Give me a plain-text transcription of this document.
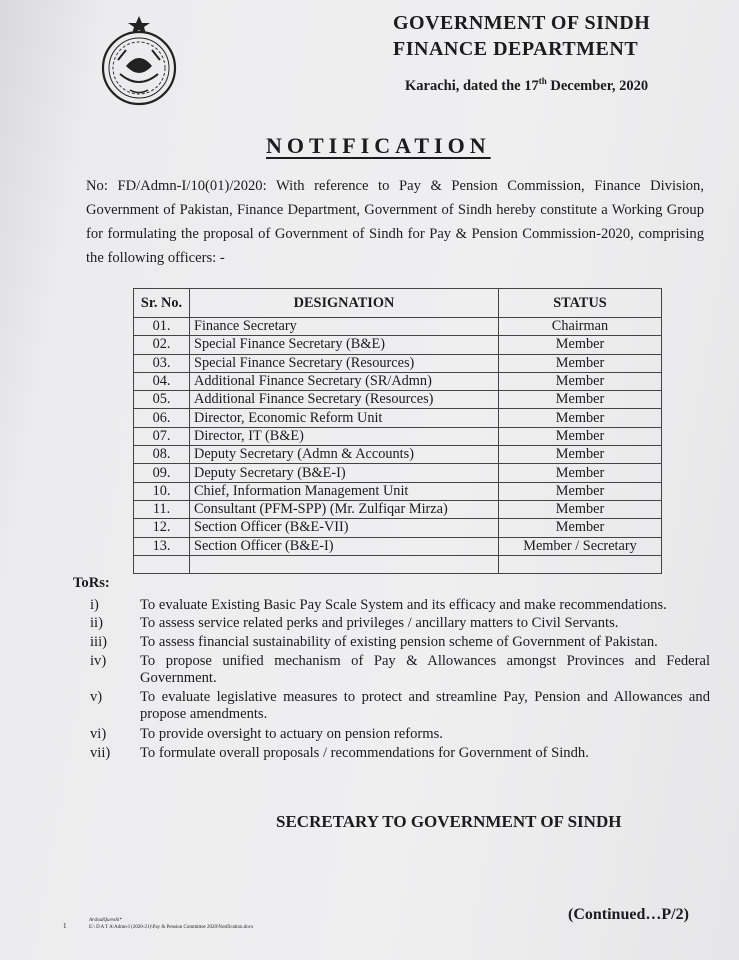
GOVERNMENT OF SINDH
FINANCE DEPARTMENT
Karachi, dated the 17th December, 2020
NOTIFICATION
No: FD/Admn-I/10(01)/2020: With reference to Pay & Pension Commission, Finance Division, Government of Pakistan, Finance Department, Government of Sindh hereby constitute a Working Group for formulating the proposal of Government of Sindh for Pay & Pension Commission-2020, comprising the following officers: -
Sr. No.	DESIGNATION	STATUS
01.	Finance Secretary	Chairman
02.	Special Finance Secretary (B&E)	Member
03.	Special Finance Secretary (Resources)	Member
04.	Additional Finance Secretary (SR/Admn)	Member
05.	Additional Finance Secretary (Resources)	Member
06.	Director, Economic Reform Unit	Member
07.	Director, IT (B&E)	Member
08.	Deputy Secretary (Admn & Accounts)	Member
09.	Deputy Secretary (B&E-I)	Member
10.	Chief, Information Management Unit	Member
11.	Consultant (PFM-SPP) (Mr. Zulfiqar Mirza)	Member
12.	Section Officer (B&E-VII)	Member
13.	Section Officer (B&E-I)	Member / Secretary

ToRs:
i)	To evaluate Existing Basic Pay Scale System and its efficacy and make recommendations.
ii)	To assess service related perks and privileges / ancillary matters to Civil Servants.
iii) To assess financial sustainability of existing pension scheme of Government of Pakistan.
iv) To propose unified mechanism of Pay & Allowances amongst Provinces and Federal Government.
v)	To evaluate legislative measures to protect and streamline Pay, Pension and Allowances and propose amendments.
vi) To provide oversight to actuary on pension reforms.
vii) To formulate overall proposals / recommendations for Government of Sindh.
SECRETARY TO GOVERNMENT OF SINDH
(Continued…P/2)
1
ArshadQureshi*
E:\ D A T A\Admn-I (2020-21)\Pay & Pension Committee 2020\Notification.docx
